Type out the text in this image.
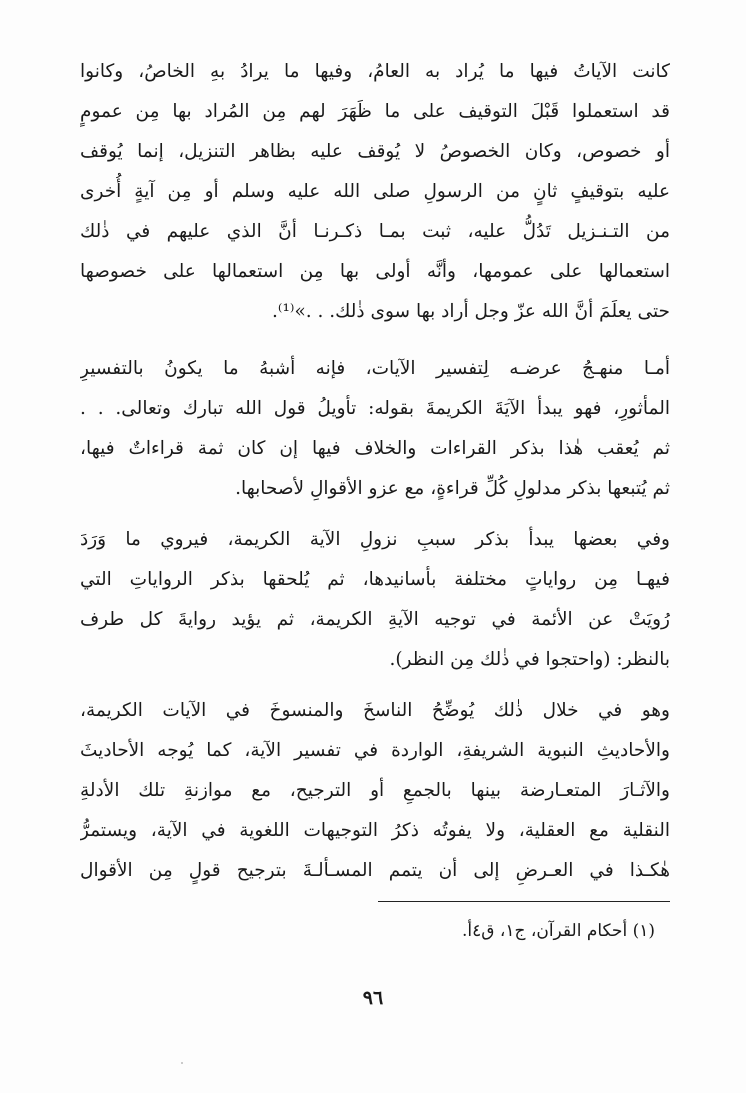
كانت الآياتُ فيها ما يُراد به العامُ، وفيها ما يرادُ بهِ الخاصُ، وكانوا
قد استعملوا قَبْلَ التوقيف على ما ظَهَرَ لهم مِن المُراد بها مِن عمومٍ
أو خصوص، وكان الخصوصُ لا يُوقف عليه بظاهر التنزيل، إنما يُوقف
عليه بتوقيفٍ ثانٍ من الرسولِ صلى الله عليه وسلم أو مِن آيةٍ أُخرى
من التـنـزيل تَدُلُّ عليه، ثبت بمـا ذكـرنـا أنَّ الذي عليهم في ذٰلك
استعمالها على عمومها، وأنَّه أولى بها مِن استعمالها على خصوصها
حتى يعلَمَ أنَّ الله عزّ وجل أراد بها سوى ذٰلك. . .»⁽¹⁾.
أمـا منهـجُ عرضـه لِتفسير الآيات، فإنه أشبهُ ما يكونُ بالتفسيرِ
المأثورِ، فهو يبدأ الآيَةَ الكريمةَ بقوله: تأويلُ قول الله تبارك وتعالى. . .
ثم يُعقب هٰذا بذكر القراءات والخلاف فيها إن كان ثمة قراءاتٌ فيها،
ثم يُتبعها بذكر مدلولِ كُلِّ قراءةٍ، مع عزو الأقوالِ لأصحابها.
وفي بعضها يبدأ بذكر سببِ نزولِ الآية الكريمة، فيروي ما وَرَدَ
فيهـا مِن رواياتٍ مختلفة بأسانيدها، ثم يُلحقها بذكر الرواياتِ التي
رُويَتْ عن الأئمة في توجيه الآيةِ الكريمة، ثم يؤيد روايةَ كل طرف
بالنظر: (واحتجوا في ذٰلك مِن النظر).
وهو في خلال ذٰلك يُوضِّحُ الناسخَ والمنسوخَ في الآيات الكريمة،
والأحاديثِ النبوية الشريفةِ، الواردة في تفسير الآية، كما يُوجه الأحاديثَ
والآثـارَ المتعـارضة بينها بالجمعِ أو الترجيح، مع موازنةِ تلك الأدلةِ
النقلية مع العقلية، ولا يفوتُه ذكرُ التوجيهات اللغوية في الآية، ويستمرُّ
هٰكـذا في العـرضِ إلى أن يتمم المسـألـةَ بترجيح قولٍ مِن الأقوال
(١) أحكام القرآن، ج١، ق٤أ.
٩٦
